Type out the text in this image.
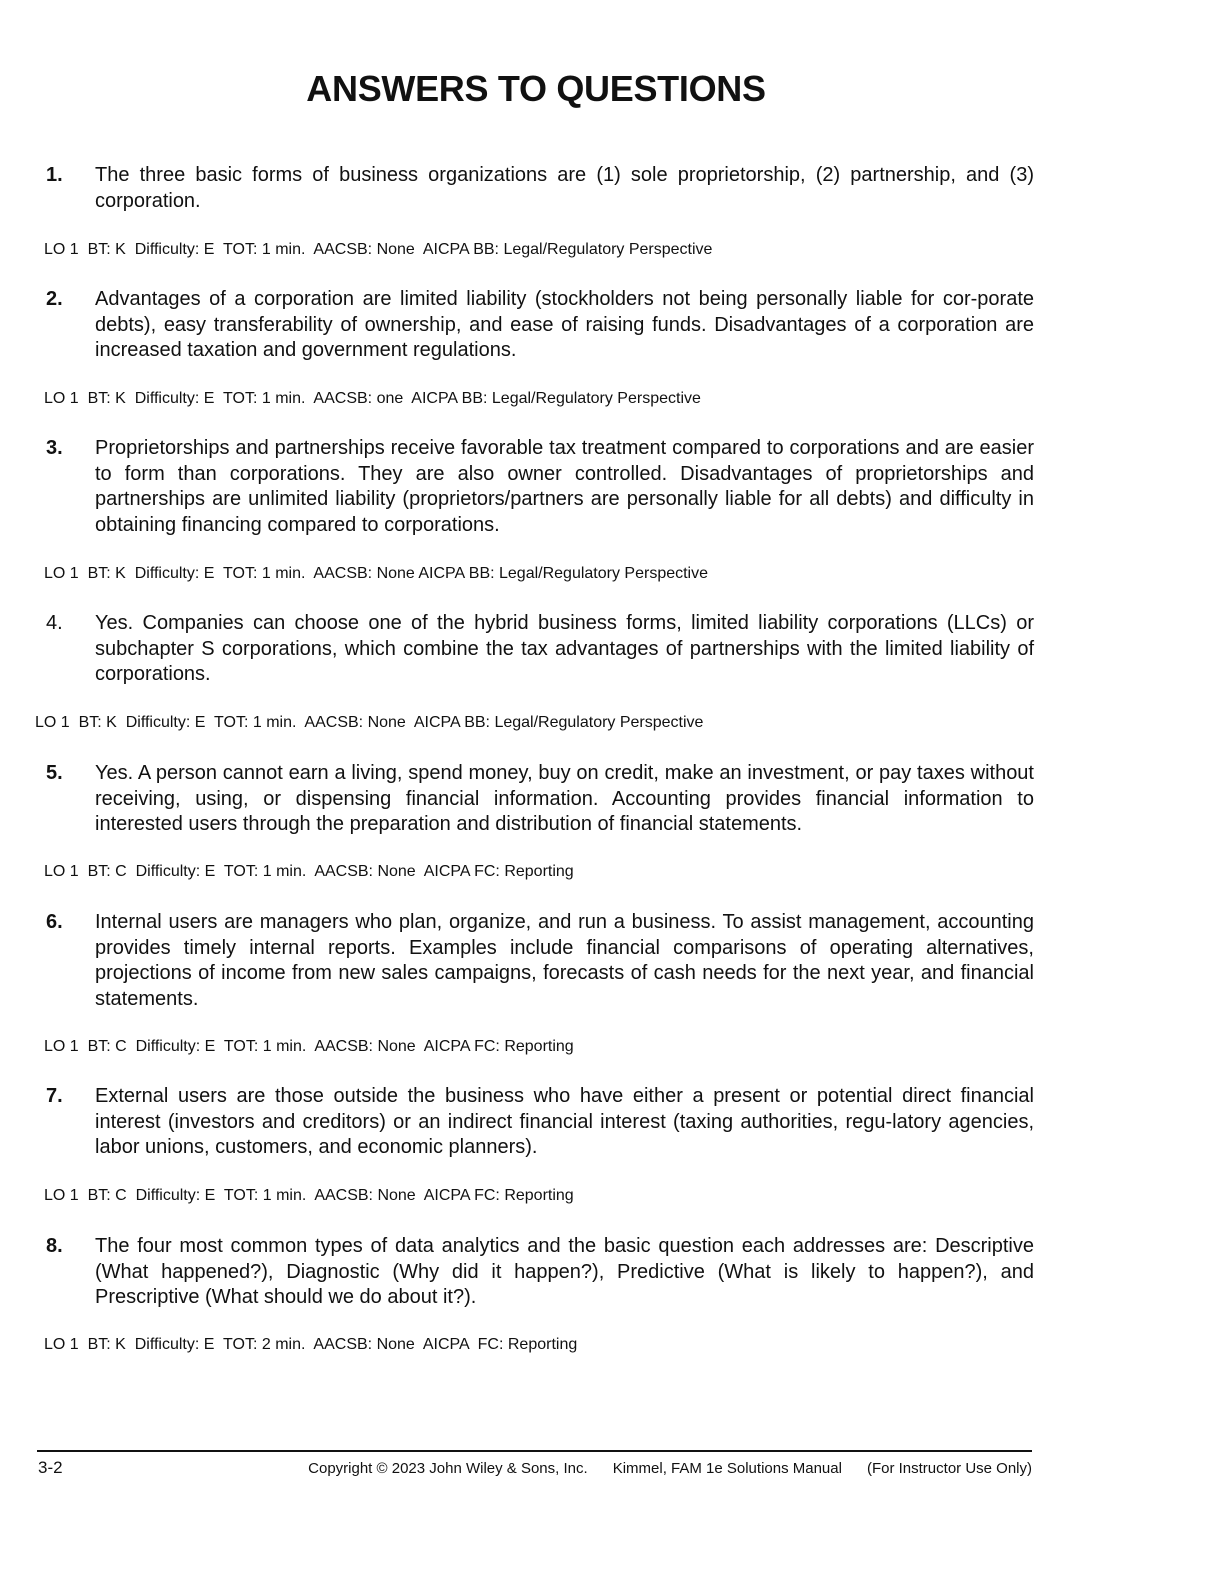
ANSWERS TO QUESTIONS
1. The three basic forms of business organizations are (1) sole proprietorship, (2) partnership, and (3) corporation.
LO 1  BT: K  Difficulty: E  TOT: 1 min.  AACSB: None  AICPA BB: Legal/Regulatory Perspective
2. Advantages of a corporation are limited liability (stockholders not being personally liable for cor-porate debts), easy transferability of ownership, and ease of raising funds. Disadvantages of a corporation are increased taxation and government regulations.
LO 1  BT: K  Difficulty: E  TOT: 1 min.  AACSB: one  AICPA BB: Legal/Regulatory Perspective
3. Proprietorships and partnerships receive favorable tax treatment compared to corporations and are easier to form than corporations. They are also owner controlled. Disadvantages of proprietorships and partnerships are unlimited liability (proprietors/partners are personally liable for all debts) and difficulty in obtaining financing compared to corporations.
LO 1  BT: K  Difficulty: E  TOT: 1 min.  AACSB: None AICPA BB: Legal/Regulatory Perspective
4. Yes. Companies can choose one of the hybrid business forms, limited liability corporations (LLCs) or subchapter S corporations, which combine the tax advantages of partnerships with the limited liability of corporations.
LO 1  BT: K  Difficulty: E  TOT: 1 min.  AACSB: None  AICPA BB: Legal/Regulatory Perspective
5. Yes. A person cannot earn a living, spend money, buy on credit, make an investment, or pay taxes without receiving, using, or dispensing financial information. Accounting provides financial information to interested users through the preparation and distribution of financial statements.
LO 1  BT: C  Difficulty: E  TOT: 1 min.  AACSB: None  AICPA FC: Reporting
6. Internal users are managers who plan, organize, and run a business. To assist management, accounting provides timely internal reports. Examples include financial comparisons of operating alternatives, projections of income from new sales campaigns, forecasts of cash needs for the next year, and financial statements.
LO 1  BT: C  Difficulty: E  TOT: 1 min.  AACSB: None  AICPA FC: Reporting
7. External users are those outside the business who have either a present or potential direct financial interest (investors and creditors) or an indirect financial interest (taxing authorities, regu-latory agencies, labor unions, customers, and economic planners).
LO 1  BT: C  Difficulty: E  TOT: 1 min.  AACSB: None  AICPA FC: Reporting
8. The four most common types of data analytics and the basic question each addresses are: Descriptive (What happened?), Diagnostic (Why did it happen?), Predictive (What is likely to happen?), and Prescriptive (What should we do about it?).
LO 1  BT: K  Difficulty: E  TOT: 2 min.  AACSB: None  AICPA  FC: Reporting
3-2	Copyright © 2023 John Wiley & Sons, Inc. Kimmel, FAM 1e Solutions Manual (For Instructor Use Only)
